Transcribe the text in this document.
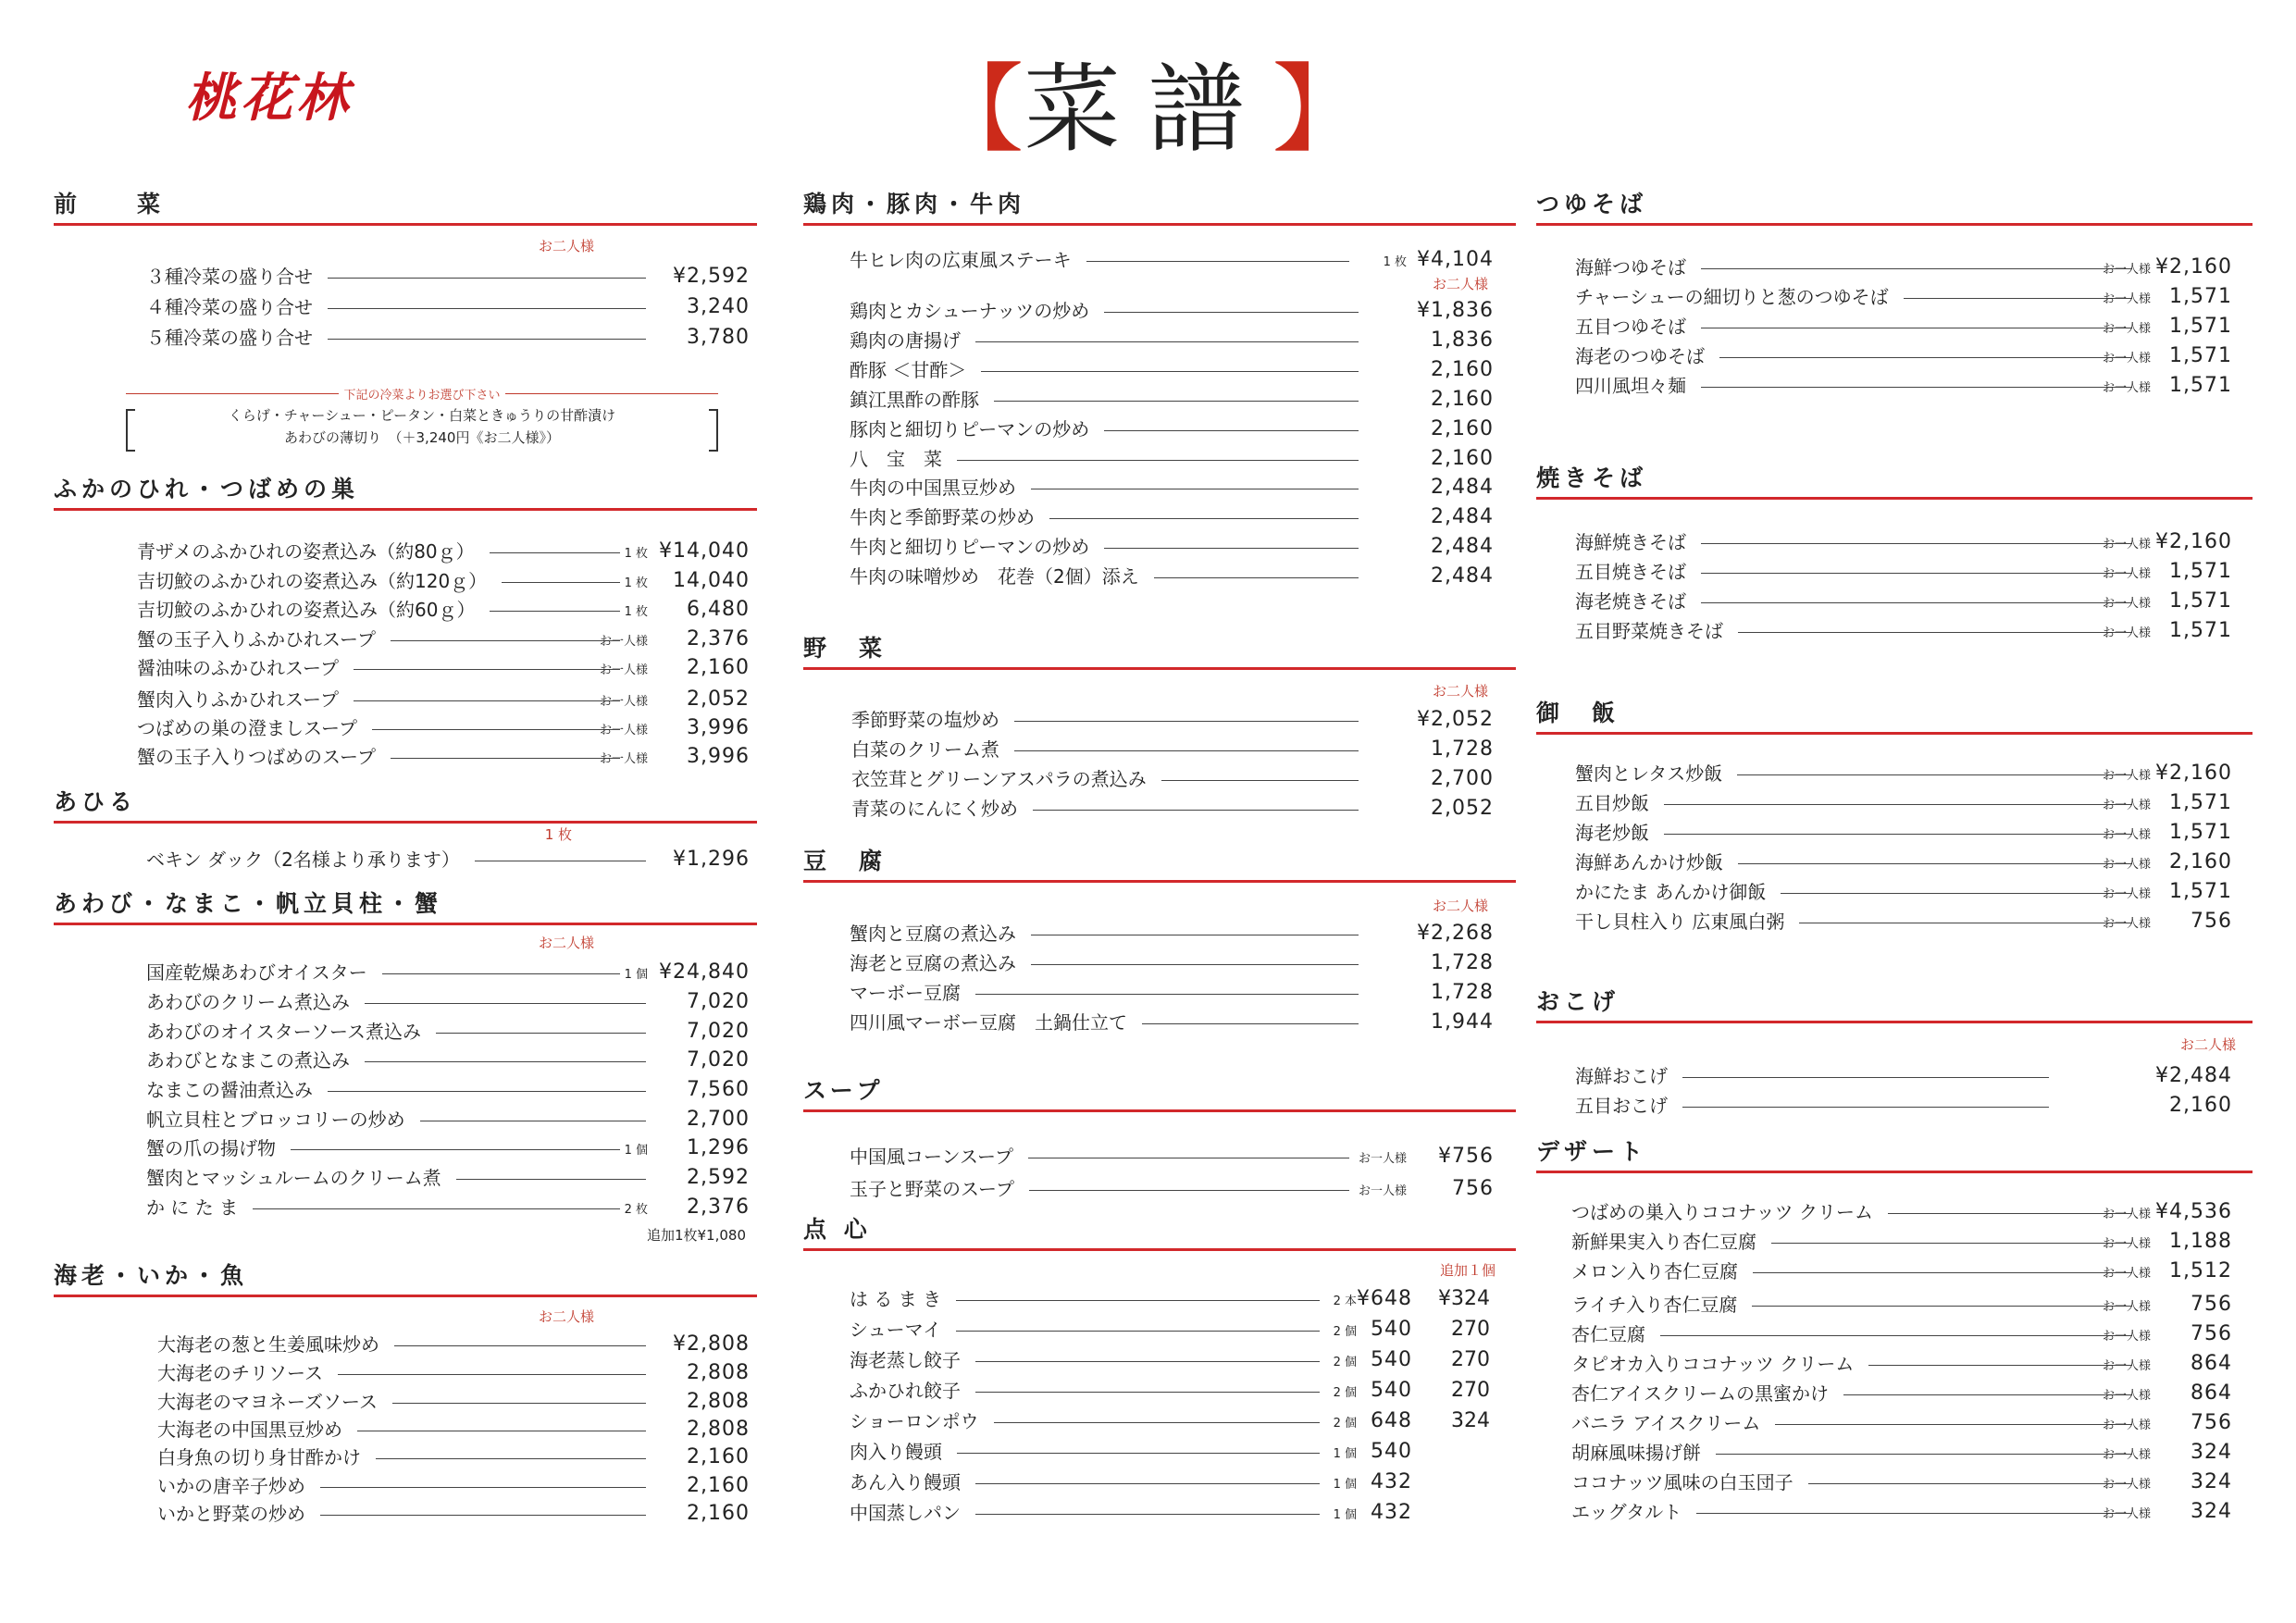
桃花林	【菜譜】
前　　菜
お二人様
３種冷菜の盛り合せ	¥2,592
４種冷菜の盛り合せ	3,240
５種冷菜の盛り合せ	3,780
ふかのひれ・つばめの巣
青ザメのふかひれの姿煮込み（約80ｇ）	1 枚 ¥14,040
吉切鮫のふかひれの姿煮込み（約120ｇ）	1 枚 14,040
吉切鮫のふかひれの姿煮込み（約60ｇ）	1 枚 6,480
蟹の玉子入りふかひれスープ	お一人様 2,376
醤油味のふかひれスープ	お一人様 2,160
蟹肉入りふかひれスープ	お一人様 2,052
つばめの巣の澄ましスープ	お一人様 3,996
蟹の玉子入りつばめのスープ	お一人様 3,996
あひる
1 枚
ベキン ダック（2名様より承ります）	¥1,296
あわび・なまこ・帆立貝柱・蟹
お二人様
国産乾燥あわびオイスター	1 個 ¥24,840
あわびのクリーム煮込み	7,020
あわびのオイスターソース煮込み	7,020
あわびとなまこの煮込み	7,020
なまこの醤油煮込み	7,560
帆立貝柱とブロッコリーの炒め	2,700
蟹の爪の揚げ物	1 個 1,296
蟹肉とマッシュルームのクリーム煮	2,592
か に た ま	2 枚 2,376
追加1枚¥1,080
海老・いか・魚
お二人様
大海老の葱と生姜風味炒め	¥2,808
大海老のチリソース	2,808
大海老のマヨネーズソース	2,808
大海老の中国黒豆炒め	2,808
白身魚の切り身甘酢かけ	2,160
いかの唐辛子炒め	2,160
いかと野菜の炒め	2,160
鶏肉・豚肉・牛肉
お二人様
牛ヒレ肉の広東風ステーキ	1 枚 ¥4,104
鶏肉とカシューナッツの炒め	¥1,836
鶏肉の唐揚げ	1,836
酢豚 ＜甘酢＞	2,160
鎮江黒酢の酢豚	2,160
豚肉と細切りピーマンの炒め	2,160
八　宝　菜	2,160
牛肉の中国黒豆炒め	2,484
牛肉と季節野菜の炒め	2,484
牛肉と細切りピーマンの炒め	2,484
牛肉の味噌炒め　花巻（2個）添え	2,484
野　菜
お二人様
季節野菜の塩炒め	¥2,052
白菜のクリーム煮	1,728
衣笠茸とグリーンアスパラの煮込み	2,700
青菜のにんにく炒め	2,052
豆　腐
お二人様
蟹肉と豆腐の煮込み	¥2,268
海老と豆腐の煮込み	1,728
マーボー豆腐	1,728
四川風マーボー豆腐　土鍋仕立て	1,944
スープ
中国風コーンスープ	お一人様 ¥756
玉子と野菜のスープ	お一人様 756
点 心
追加１個
は る ま き	2 本 ¥648 ¥324
シューマイ	2 個 540 270
海老蒸し餃子	2 個 540 270
ふかひれ餃子	2 個 540 270
ショーロンポウ	2 個 648 324
肉入り饅頭	1 個 540
あん入り饅頭	1 個 432
中国蒸しパン	1 個 432
つゆそば
海鮮つゆそば	お一人様 ¥2,160
チャーシューの細切りと葱のつゆそば	お一人様 1,571
五目つゆそば	お一人様 1,571
海老のつゆそば	お一人様 1,571
四川風坦々麺	お一人様 1,571
焼きそば
海鮮焼きそば	お一人様 ¥2,160
五目焼きそば	お一人様 1,571
海老焼きそば	お一人様 1,571
五目野菜焼きそば	お一人様 1,571
御　飯
蟹肉とレタス炒飯	お一人様 ¥2,160
五目炒飯	お一人様 1,571
海老炒飯	お一人様 1,571
海鮮あんかけ炒飯	お一人様 2,160
かにたま あんかけ御飯	お一人様 1,571
干し貝柱入り 広東風白粥	お一人様 756
おこげ
お二人様
海鮮おこげ	¥2,484
五目おこげ	2,160
デザート
つばめの巣入りココナッツ クリーム	お一人様 ¥4,536
新鮮果実入り杏仁豆腐	お一人様 1,188
メロン入り杏仁豆腐	お一人様 1,512
ライチ入り杏仁豆腐	お一人様 756
杏仁豆腐	お一人様 756
タピオカ入りココナッツ クリーム	お一人様 864
杏仁アイスクリームの黒蜜かけ	お一人様 864
バニラ アイスクリーム	お一人様 756
胡麻風味揚げ餅	お一人様 324
ココナッツ風味の白玉団子	お一人様 324
エッグタルト	お一人様 324
下記の冷菜よりお選び下さい
くらげ・チャーシュー・ピータン・白菜ときゅうりの甘酢漬け
あわびの薄切り　（＋3,240円《お二人様》）
